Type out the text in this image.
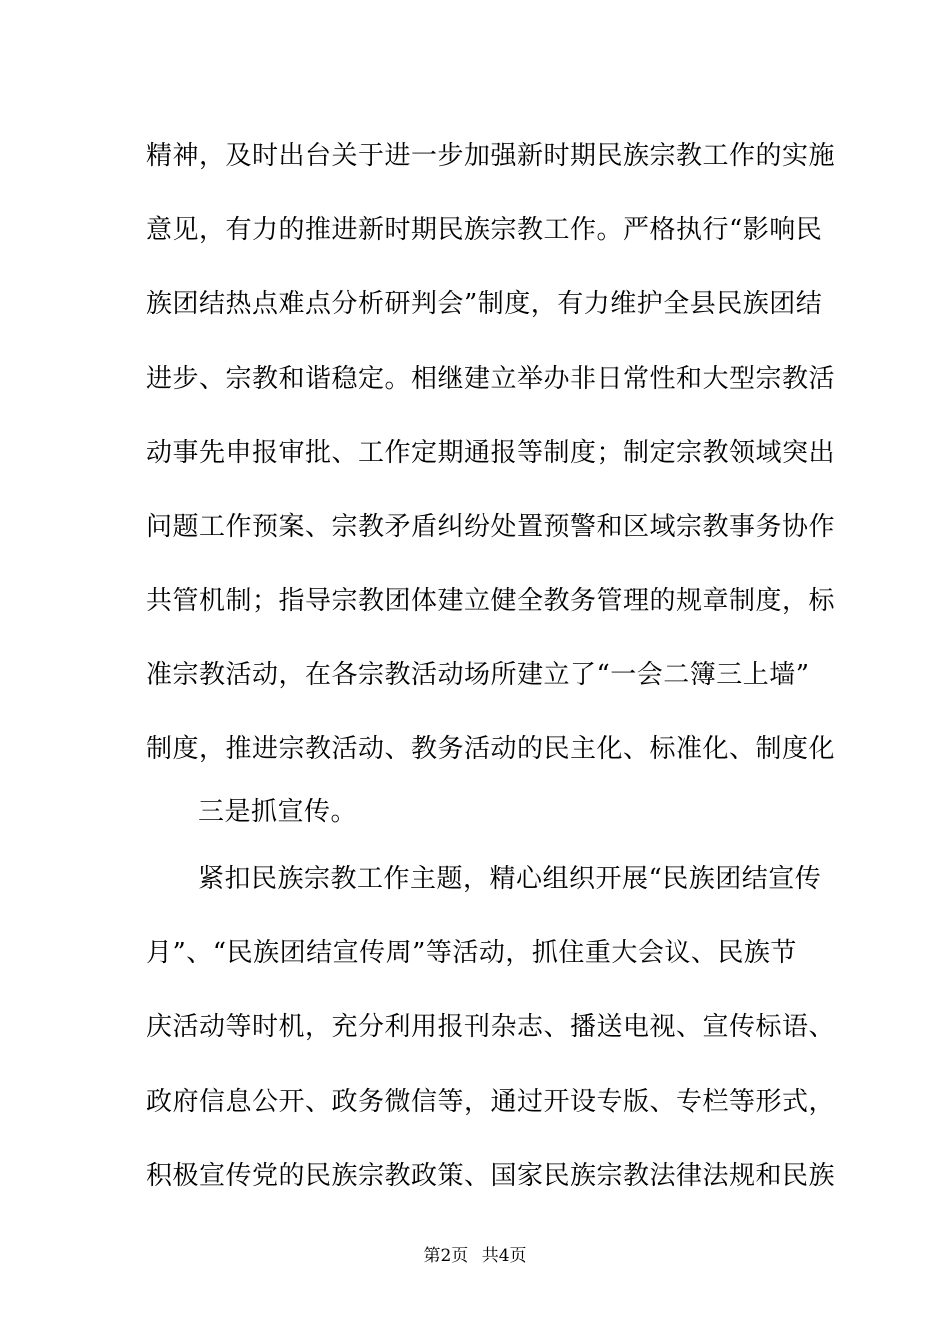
精神，及时出台关于进一步加强新时期民族宗教工作的实施
意见，有力的推进新时期民族宗教工作。严格执行“影响民
族团结热点难点分析研判会”制度，有力维护全县民族团结
进步、宗教和谐稳定。相继建立举办非日常性和大型宗教活
动事先申报审批、工作定期通报等制度；制定宗教领域突出
问题工作预案、宗教矛盾纠纷处置预警和区域宗教事务协作
共管机制；指导宗教团体建立健全教务管理的规章制度，标
准宗教活动，在各宗教活动场所建立了“一会二簿三上墙”
制度，推进宗教活动、教务活动的民主化、标准化、制度化
三是抓宣传。
紧扣民族宗教工作主题，精心组织开展“民族团结宣传
月”、“民族团结宣传周”等活动，抓住重大会议、民族节
庆活动等时机，充分利用报刊杂志、播送电视、宣传标语、
政府信息公开、政务微信等，通过开设专版、专栏等形式，
积极宣传党的民族宗教政策、国家民族宗教法律法规和民族
第2页 共4页
